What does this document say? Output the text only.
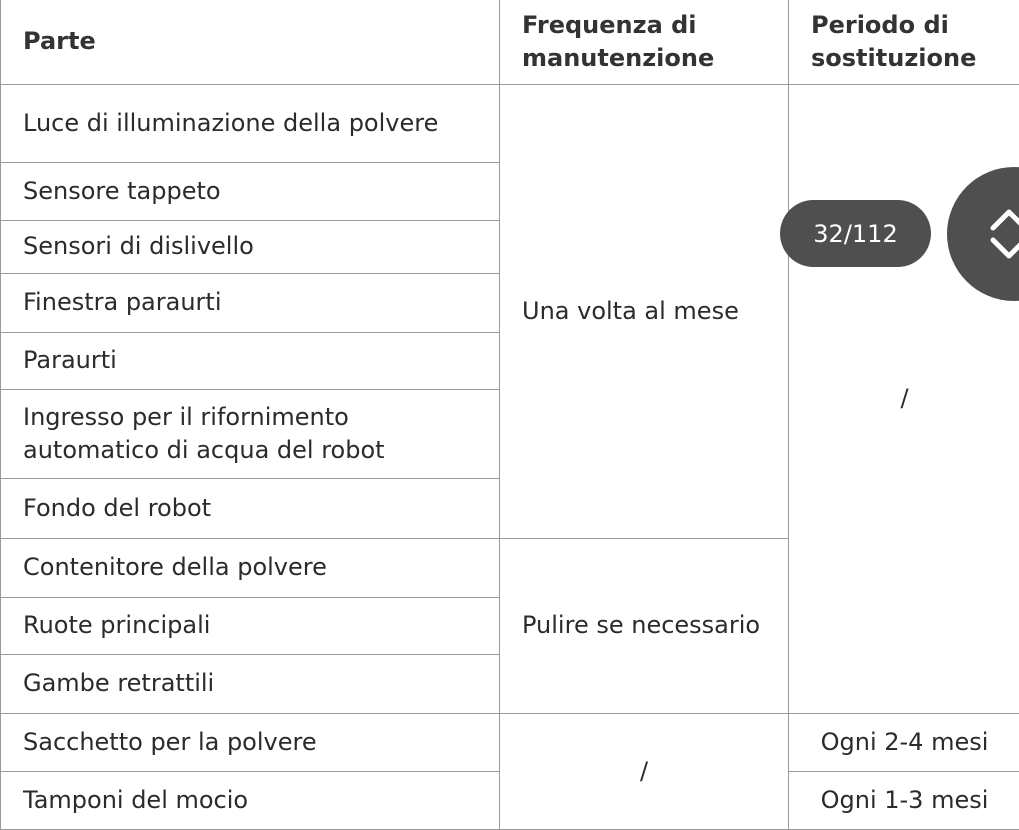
Parte	Frequenza di manutenzione	Periodo di sostituzione
Luce di illuminazione della polvere	Una volta al mese	/
Sensore tappeto		
Sensori di dislivello		
Finestra paraurti		
Paraurti		
Ingresso per il rifornimento automatico di acqua del robot		
Fondo del robot		
Contenitore della polvere	Pulire se necessario	
Ruote principali		
Gambe retrattili		
Sacchetto per la polvere	/	Ogni 2-4 mesi
Tamponi del mocio		Ogni 1-3 mesi
32/112
